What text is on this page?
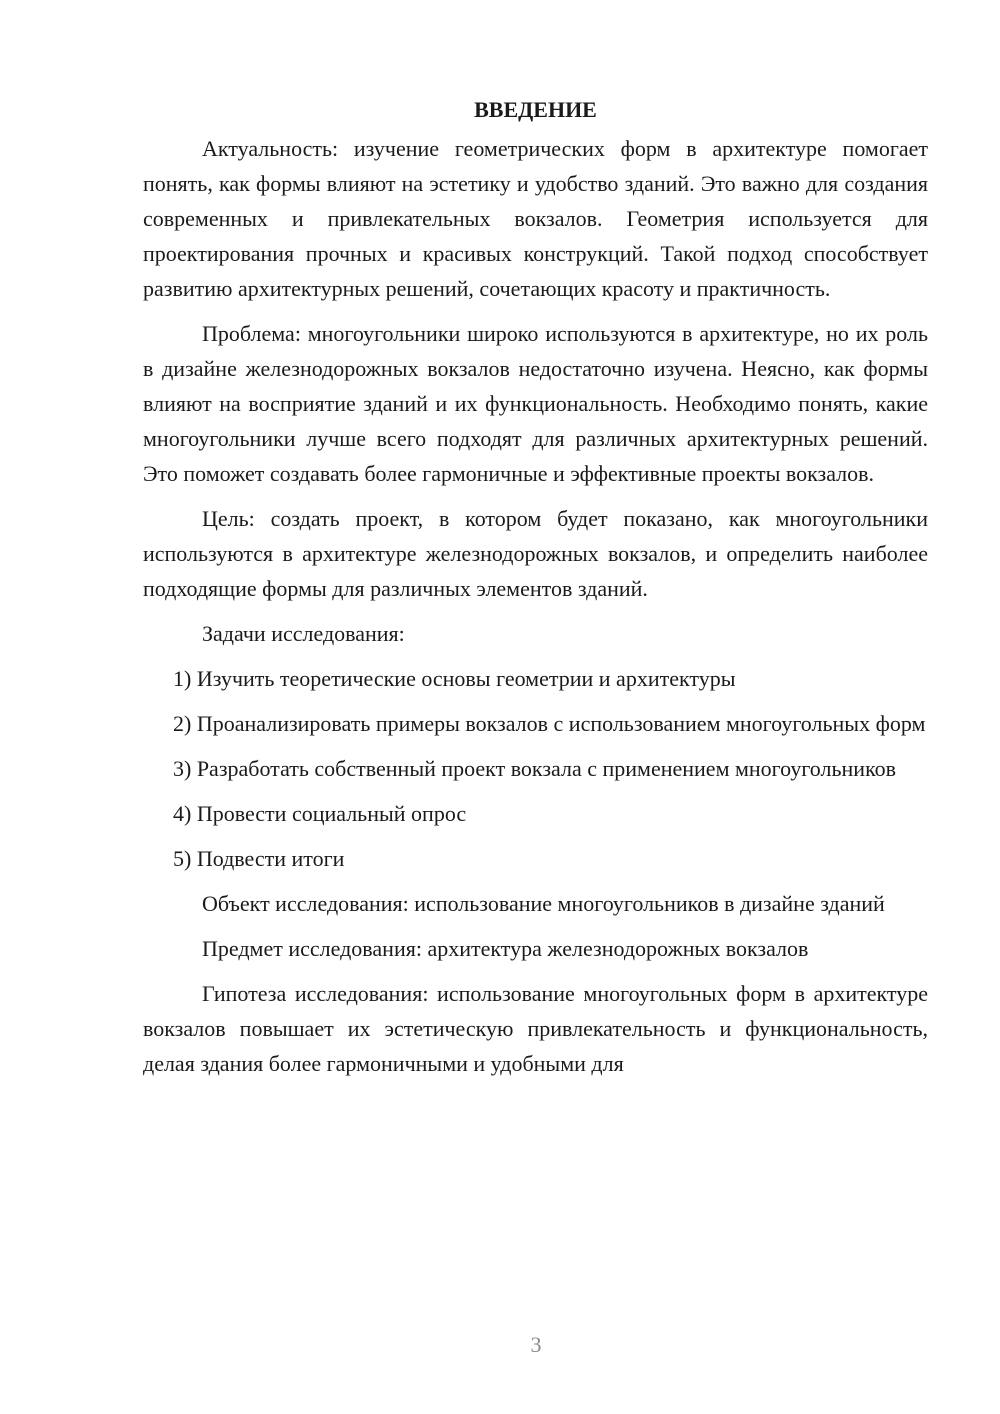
ВВЕДЕНИЕ

Актуальность: изучение геометрических форм в архитектуре помогает понять, как формы влияют на эстетику и удобство зданий. Это важно для создания современных и привлекательных вокзалов. Геометрия используется для проектирования прочных и красивых конструкций. Такой подход способствует развитию архитектурных решений, сочетающих красоту и практичность.

Проблема: многоугольники широко используются в архитектуре, но их роль в дизайне железнодорожных вокзалов недостаточно изучена. Неясно, как формы влияют на восприятие зданий и их функциональность. Необходимо понять, какие многоугольники лучше всего подходят для различных архитектурных решений. Это поможет создавать более гармоничные и эффективные проекты вокзалов.

Цель: создать проект, в котором будет показано, как многоугольники используются в архитектуре железнодорожных вокзалов, и определить наиболее подходящие формы для различных элементов зданий.

Задачи исследования:

1) Изучить теоретические основы геометрии и архитектуры

2) Проанализировать примеры вокзалов с использованием многоугольных форм

3) Разработать собственный проект вокзала с применением многоугольников

4) Провести социальный опрос

5) Подвести итоги

Объект исследования: использование многоугольников в дизайне зданий

Предмет исследования: архитектура железнодорожных вокзалов

Гипотеза исследования: использование многоугольных форм в архитектуре вокзалов повышает их эстетическую привлекательность и функциональность, делая здания более гармоничными и удобными для

3
